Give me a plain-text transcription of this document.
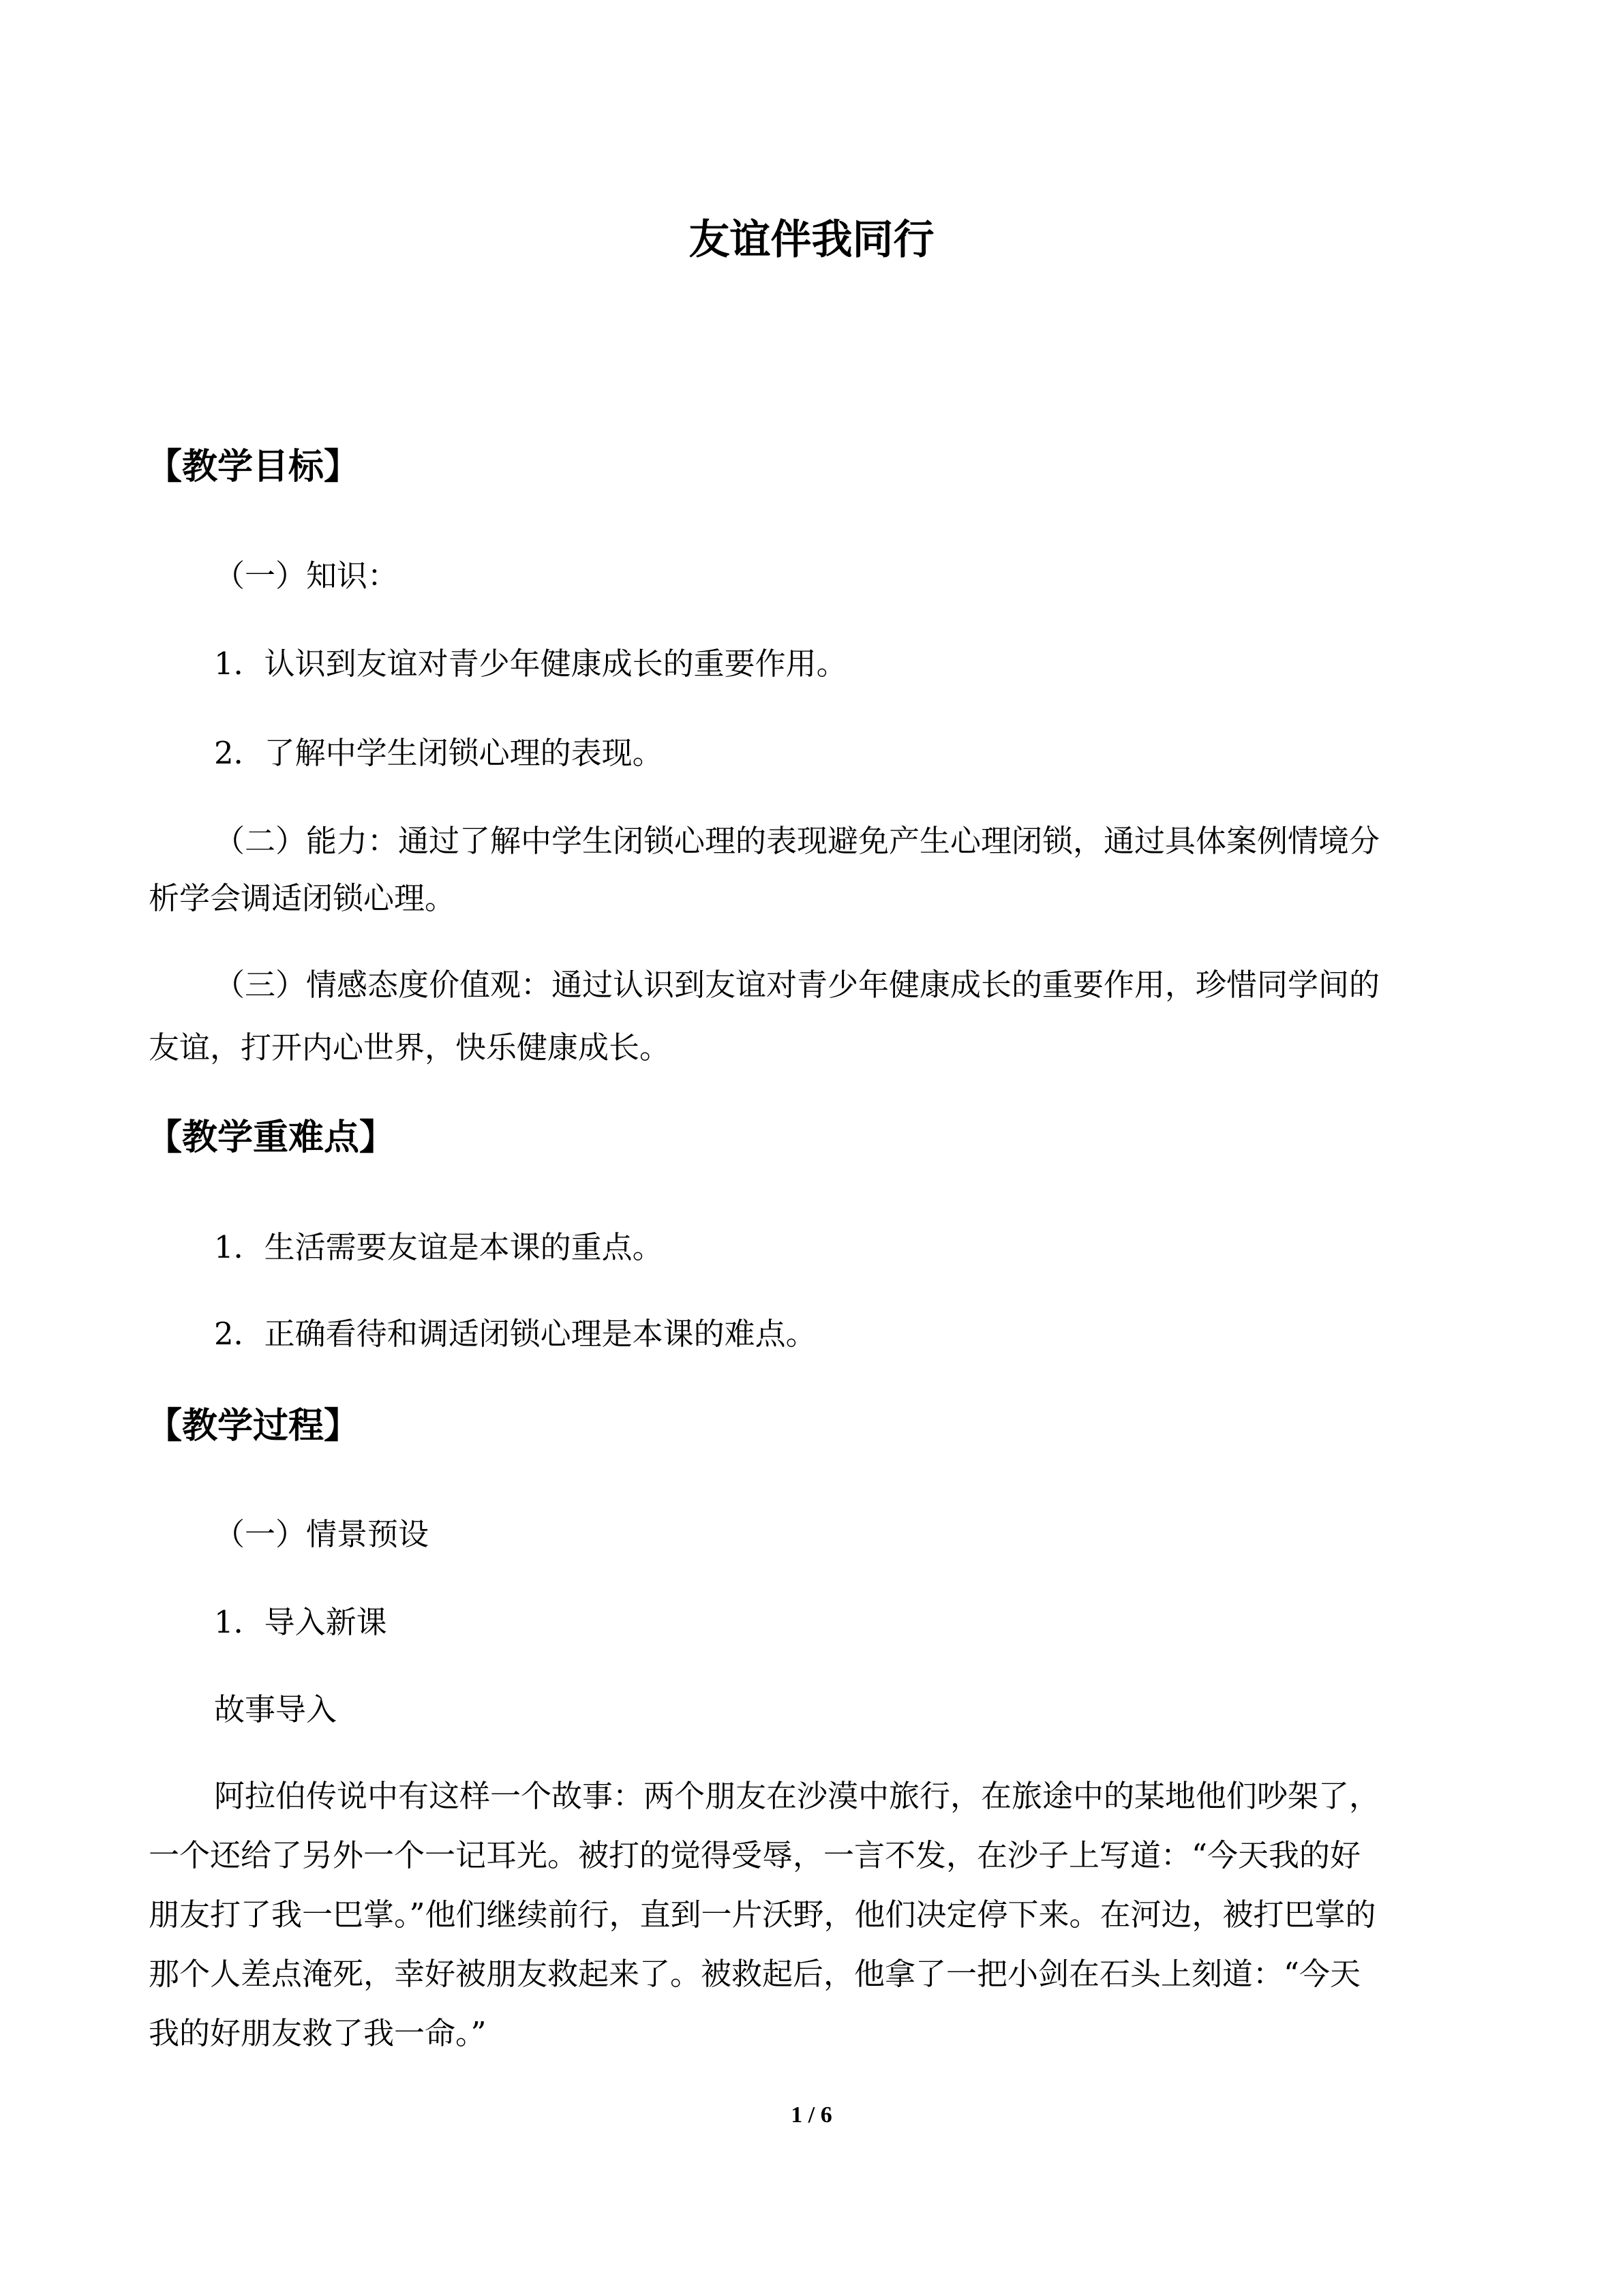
友谊伴我同行
【教学目标】

（一）知识：

1．认识到友谊对青少年健康成长的重要作用。

2．了解中学生闭锁心理的表现。

（二）能力：通过了解中学生闭锁心理的表现避免产生心理闭锁，通过具体案例情境分

析学会调适闭锁心理。

（三）情感态度价值观：通过认识到友谊对青少年健康成长的重要作用，珍惜同学间的

友谊，打开内心世界，快乐健康成长。

【教学重难点】

1．生活需要友谊是本课的重点。

2．正确看待和调适闭锁心理是本课的难点。

【教学过程】

（一）情景预设

1．导入新课

故事导入

阿拉伯传说中有这样一个故事：两个朋友在沙漠中旅行，在旅途中的某地他们吵架了，

一个还给了另外一个一记耳光。被打的觉得受辱，一言不发，在沙子上写道：“今天我的好

朋友打了我一巴掌。”他们继续前行，直到一片沃野，他们决定停下来。在河边，被打巴掌的

那个人差点淹死，幸好被朋友救起来了。被救起后，他拿了一把小剑在石头上刻道：“今天

我的好朋友救了我一命。”

1 / 6
